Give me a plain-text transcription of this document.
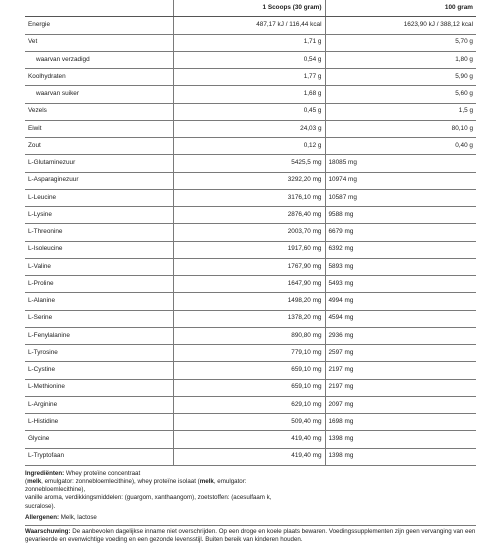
	1 Scoops (30 gram)	100 gram
Energie	487,17 kJ / 116,44 kcal	1623,90 kJ / 388,12 kcal
Vet	1,71 g	5,70 g
waarvan verzadigd	0,54 g	1,80 g
Koolhydraten	1,77 g	5,90 g
waarvan suiker	1,68 g	5,60 g
Vezels	0,45 g	1,5 g
Eiwit	24,03 g	80,10 g
Zout	0,12 g	0,40 g
L-Glutaminezuur	5425,5 mg	18085 mg
L-Asparaginezuur	3292,20 mg	10974 mg
L-Leucine	3176,10 mg	10587 mg
L-Lysine	2876,40 mg	9588 mg
L-Threonine	2003,70 mg	6679 mg
L-Isoleucine	1917,60 mg	6392 mg
L-Valine	1767,90 mg	5893 mg
L-Proline	1647,90 mg	5493 mg
L-Alanine	1498,20 mg	4994 mg
L-Serine	1378,20 mg	4594 mg
L-Fenylalanine	890,80 mg	2936 mg
L-Tyrosine	779,10 mg	2597 mg
L-Cystine	659,10 mg	2197 mg
L-Methionine	659,10 mg	2197 mg
L-Arginine	629,10 mg	2097 mg
L-Histidine	509,40 mg	1698 mg
Glycine	419,40 mg	1398 mg
L-Tryptofaan	419,40 mg	1398 mg

Ingrediënten: Whey proteïne concentraat
(melk, emulgator: zonnebloemlecithine), whey proteïne isolaat (melk, emulgator:
zonnebloemlecithine),
vanille aroma, verdikkingsmiddelen: (guargom, xanthaangom), zoetstoffen: (acesulfaam k,
sucralose).

Allergenen: Melk, lactose

Waarschuwing: De aanbevolen dagelijkse inname niet overschrijden. Op een droge en koele plaats bewaren. Voedingssupplementen zijn geen vervanging van een gevarieerde en evenwichtige voeding en een gezonde levensstijl. Buiten bereik van kinderen houden.
